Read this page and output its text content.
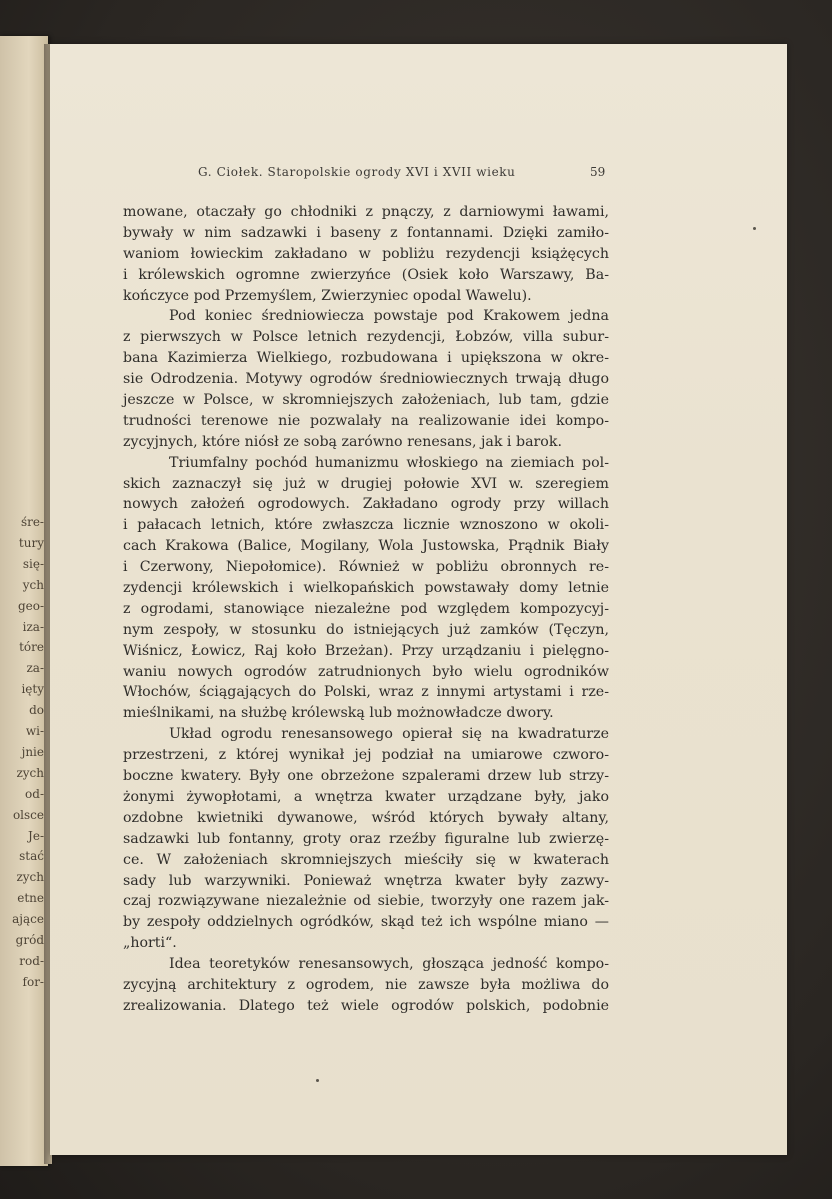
śre-

tury

się-

ych

geo-

iza-

tóre

za-

ięty

do

wi-

jnie

zych

od-

olsce

Je-

stać

zych

etne

ające

gród

rod-

for-

G. Ciołek. Staropolskie ogrody XVI i XVII wieku	59

mowane, otaczały go chłodniki z pnączy, z darniowymi ławami,
bywały w nim sadzawki i baseny z fontannami. Dzięki zamiło-
waniom łowieckim zakładano w pobliżu rezydencji książęcych
i królewskich ogromne zwierzyńce (Osiek koło Warszawy, Ba-
kończyce pod Przemyślem, Zwierzyniec opodal Wawelu).
Pod koniec średniowiecza powstaje pod Krakowem jedna
z pierwszych w Polsce letnich rezydencji, Łobzów, villa subur-
bana Kazimierza Wielkiego, rozbudowana i upiększona w okre-
sie Odrodzenia. Motywy ogrodów średniowiecznych trwają długo
jeszcze w Polsce, w skromniejszych założeniach, lub tam, gdzie
trudności terenowe nie pozwalały na realizowanie idei kompo-
zycyjnych, które niósł ze sobą zarówno renesans, jak i barok.
Triumfalny pochód humanizmu włoskiego na ziemiach pol-
skich zaznaczył się już w drugiej połowie XVI w. szeregiem
nowych założeń ogrodowych. Zakładano ogrody przy willach
i pałacach letnich, które zwłaszcza licznie wznoszono w okoli-
cach Krakowa (Balice, Mogilany, Wola Justowska, Prądnik Biały
i Czerwony, Niepołomice). Również w pobliżu obronnych re-
zydencji królewskich i wielkopańskich powstawały domy letnie
z ogrodami, stanowiące niezależne pod względem kompozycyj-
nym zespoły, w stosunku do istniejących już zamków (Tęczyn,
Wiśnicz, Łowicz, Raj koło Brzeżan). Przy urządzaniu i pielęgno-
waniu nowych ogrodów zatrudnionych było wielu ogrodników
Włochów, ściągających do Polski, wraz z innymi artystami i rze-
mieślnikami, na służbę królewską lub możnowładcze dwory.
Układ ogrodu renesansowego opierał się na kwadraturze
przestrzeni, z której wynikał jej podział na umiarowe czworo-
boczne kwatery. Były one obrzeżone szpalerami drzew lub strzy-
żonymi żywopłotami, a wnętrza kwater urządzane były, jako
ozdobne kwietniki dywanowe, wśród których bywały altany,
sadzawki lub fontanny, groty oraz rzeźby figuralne lub zwierzę-
ce. W założeniach skromniejszych mieściły się w kwaterach
sady lub warzywniki. Ponieważ wnętrza kwater były zazwy-
czaj rozwiązywane niezależnie od siebie, tworzyły one razem jak-
by zespoły oddzielnych ogródków, skąd też ich wspólne miano —
„horti“.
Idea teoretyków renesansowych, głosząca jedność kompo-
zycyjną architektury z ogrodem, nie zawsze była możliwa do
zrealizowania. Dlatego też wiele ogrodów polskich, podobnie
